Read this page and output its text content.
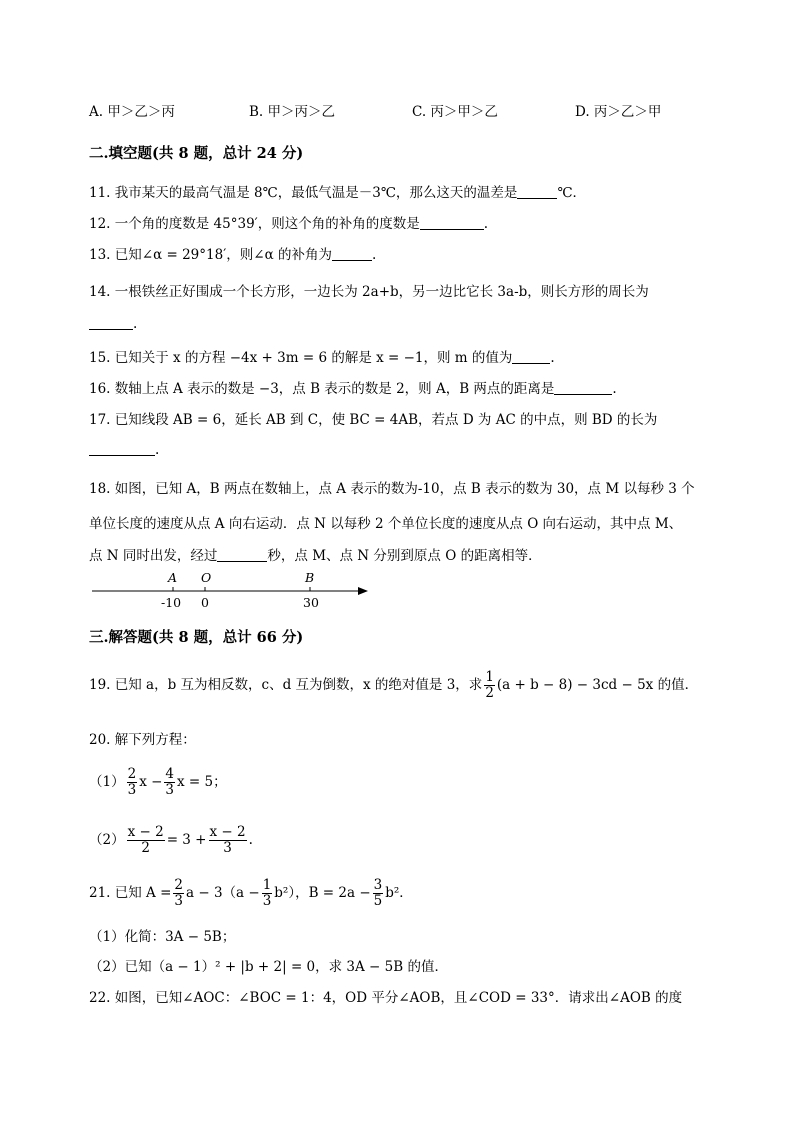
A. 甲＞乙＞丙	B. 甲＞丙＞乙	C. 丙＞甲＞乙	D. 丙＞乙＞甲
二.填空题(共 8 题，总计 24 分)
11. 我市某天的最高气温是 8℃，最低气温是－3℃，那么这天的温差是	℃．
12. 一个角的度数是 45°39′，则这个角的补角的度数是	.
13. 已知∠α = 29°18′，则∠α 的补角为	.
14. 一根铁丝正好围成一个长方形，一边长为 2a+b，另一边比它长 3a-b，则长方形的周长为
.
15. 已知关于 x 的方程 −4x + 3m = 6 的解是 x = −1，则 m 的值为	.
16. 数轴上点 A 表示的数是 −3，点 B 表示的数是 2，则 A，B 两点的距离是	.
17. 已知线段 AB = 6，延长 AB 到 C，使 BC = 4AB，若点 D 为 AC 的中点，则 BD 的长为
.
18. 如图，已知 A，B 两点在数轴上，点 A 表示的数为-10，点 B 表示的数为 30，点 M 以每秒 3 个
单位长度的速度从点 A 向右运动．点 N 以每秒 2 个单位长度的速度从点 O 向右运动，其中点 M、
点 N 同时出发，经过	秒，点 M、点 N 分别到原点 O 的距离相等．
A O	B
-10 0	30
三.解答题(共 8 题，总计 66 分)
19. 已知 a，b 互为相反数，c、d 互为倒数，x 的绝对值是 3，求 $\frac{1}{2} (a + b - 8) - 3cd - 5x$ 的值．
20. 解下列方程：
$(1) \frac{2}{3}$ $x - \frac{4}{3}$ x = 5；
$(2) \frac{x - 2}{2} = 3 + \frac{x - 2}{3}$ .
21. 已知 $A = \frac{2}{3}$ $a - 3(a - \frac{1}{3} b^2)$，$B = 2a - \frac{3}{5} b^2$．
（1）化简：3A − 5B；
（2）已知（a − 1）² + |b + 2| = 0，求 3A − 5B 的值．
22. 如图，已知∠AOC：∠BOC = 1：4，OD 平分∠AOB，且∠COD = 33°．请求出∠AOB 的度
